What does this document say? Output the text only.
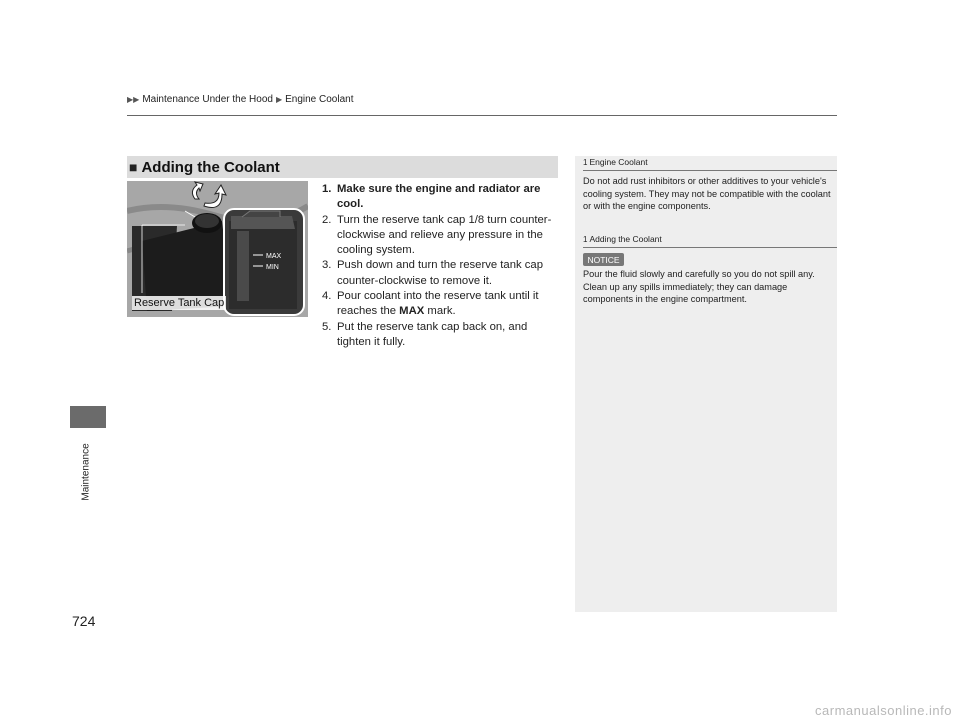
▶▶ Maintenance Under the Hood ▶ Engine Coolant
Maintenance
724
■ Adding the Coolant
MAX
MIN
Reserve Tank Cap
1. Make sure the engine and radiator are cool.
2. Turn the reserve tank cap 1/8 turn counter-clockwise and relieve any pressure in the cooling system.
3. Push down and turn the reserve tank cap counter-clockwise to remove it.
4. Pour coolant into the reserve tank until it reaches the MAX mark.
5. Put the reserve tank cap back on, and tighten it fully.
1 Engine Coolant
Do not add rust inhibitors or other additives to your vehicle's cooling system. They may not be compatible with the coolant or with the engine components.
1 Adding the Coolant
NOTICE
Pour the fluid slowly and carefully so you do not spill any. Clean up any spills immediately; they can damage components in the engine compartment.
carmanualsonline.info
